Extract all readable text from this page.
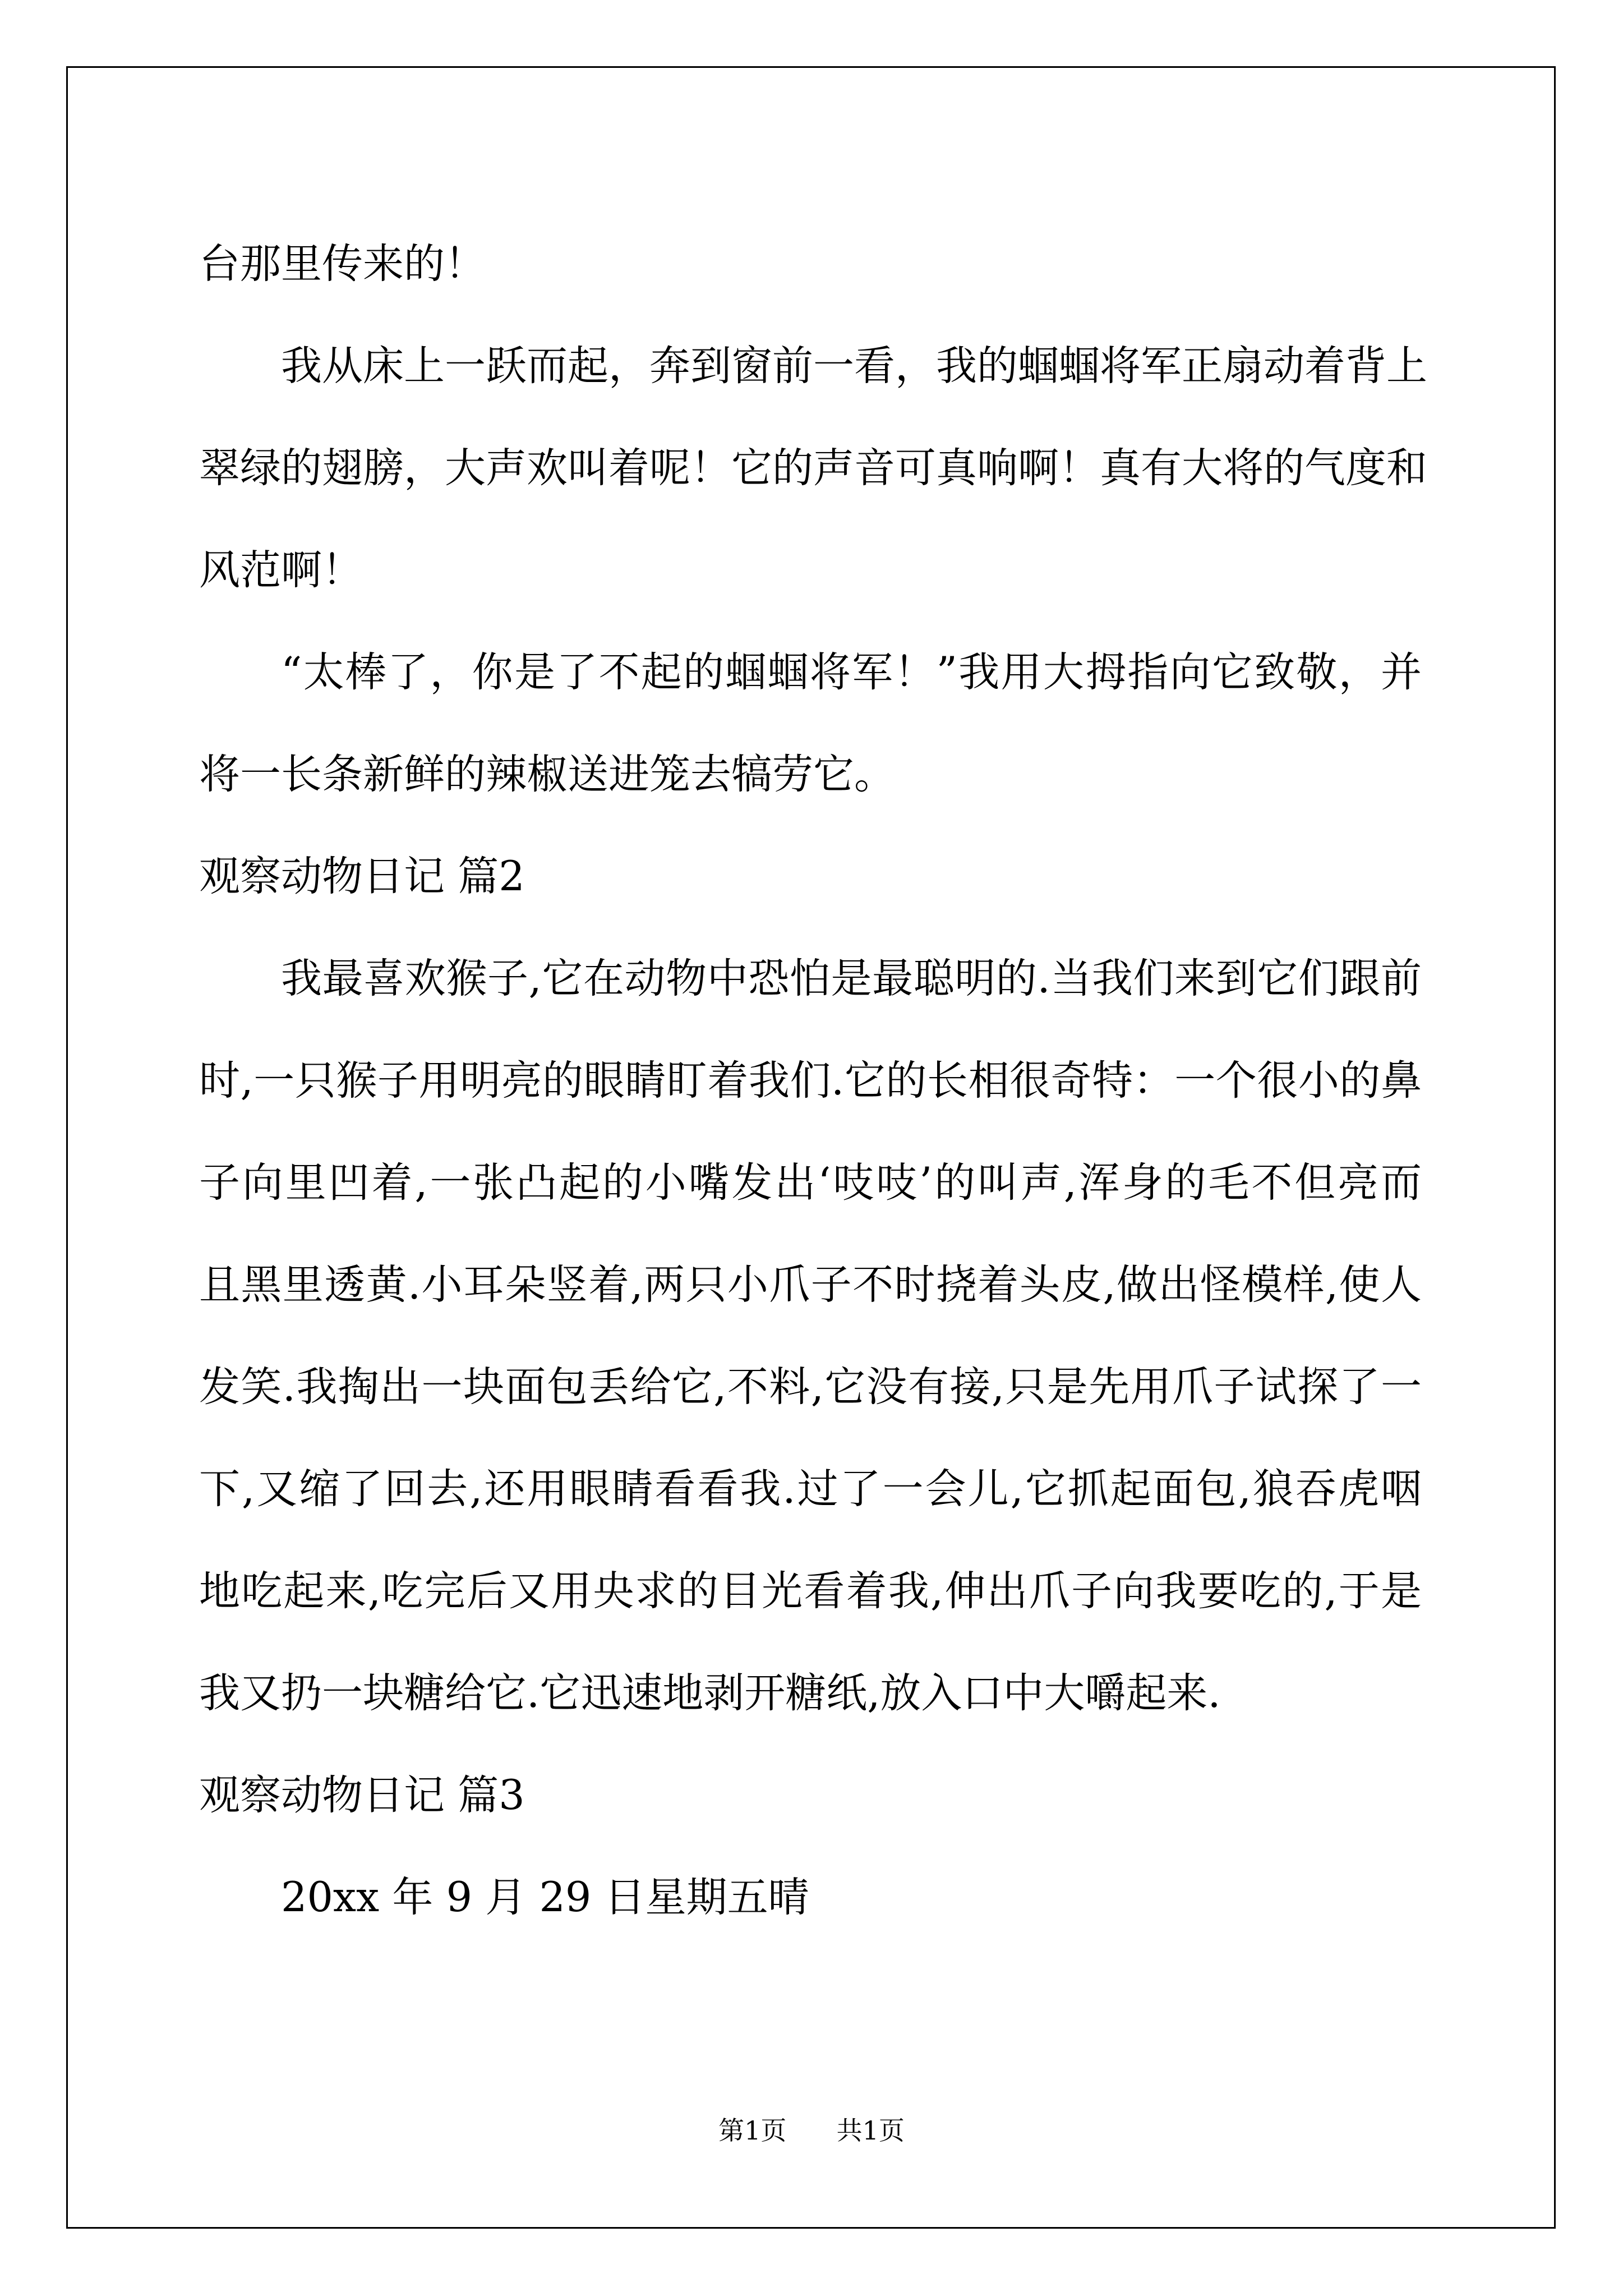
台那里传来的！
我从床上一跃而起，奔到窗前一看，我的蝈蝈将军正扇动着背上
翠绿的翅膀，大声欢叫着呢！它的声音可真响啊！真有大将的气度和
风范啊！
“太棒了，你是了不起的蝈蝈将军！”我用大拇指向它致敬，并
将一长条新鲜的辣椒送进笼去犒劳它。
观察动物日记 篇2
我最喜欢猴子,它在动物中恐怕是最聪明的.当我们来到它们跟前
时,一只猴子用明亮的眼睛盯着我们.它的长相很奇特：一个很小的鼻
子向里凹着,一张凸起的小嘴发出‘吱吱’的叫声,浑身的毛不但亮而
且黑里透黄.小耳朵竖着,两只小爪子不时挠着头皮,做出怪模样,使人
发笑.我掏出一块面包丢给它,不料,它没有接,只是先用爪子试探了一
下,又缩了回去,还用眼睛看看我.过了一会儿,它抓起面包,狼吞虎咽
地吃起来,吃完后又用央求的目光看着我,伸出爪子向我要吃的,于是
我又扔一块糖给它.它迅速地剥开糖纸,放入口中大嚼起来.
观察动物日记 篇3
20xx 年 9 月 29 日星期五晴
第1页 共1页
